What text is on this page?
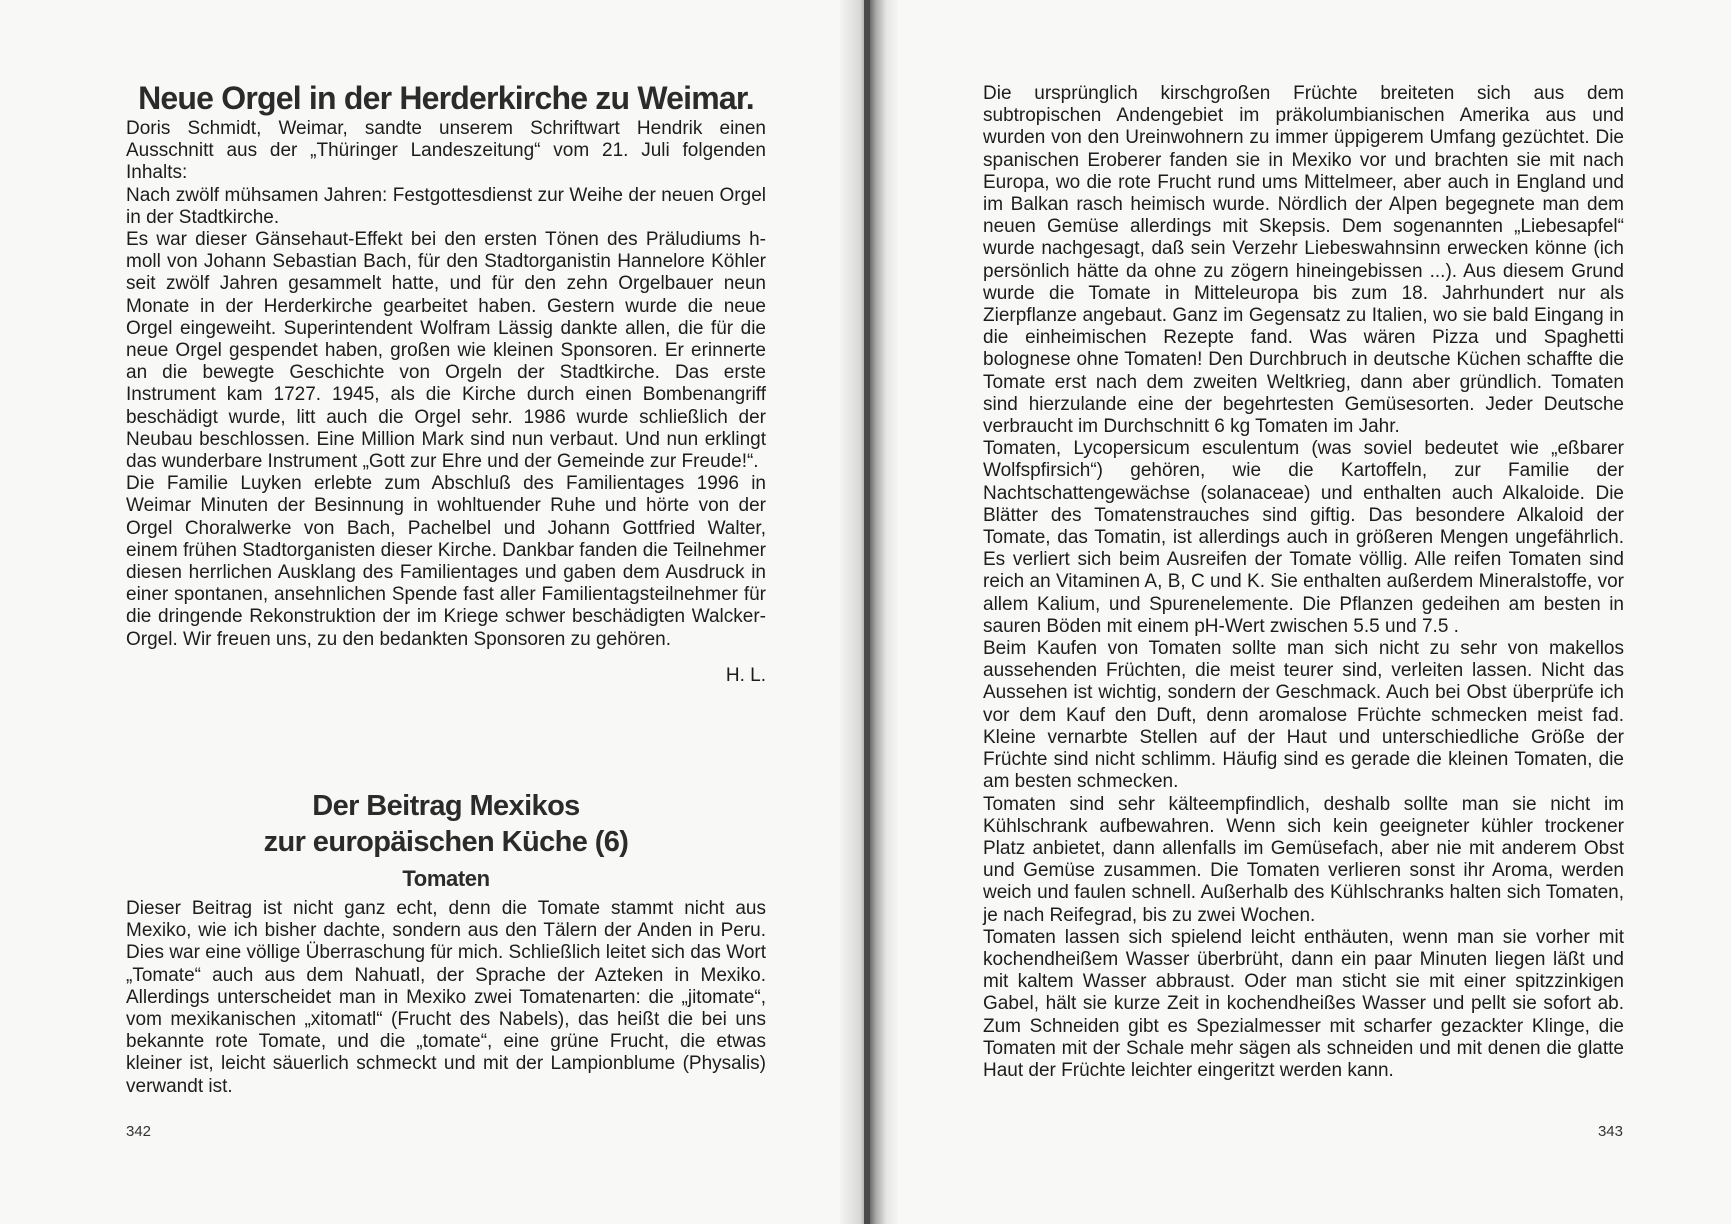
Neue Orgel in der Herderkirche zu Weimar.

Doris Schmidt, Weimar, sandte unserem Schriftwart Hendrik einen Ausschnitt aus der „Thüringer Landeszeitung“ vom 21. Juli folgenden Inhalts:

Nach zwölf mühsamen Jahren: Festgottesdienst zur Weihe der neuen Orgel in der Stadtkirche.

Es war dieser Gänsehaut-Effekt bei den ersten Tönen des Präludiums h-moll von Johann Sebastian Bach, für den Stadtorganistin Hannelore Köhler seit zwölf Jahren gesammelt hatte, und für den zehn Orgelbauer neun Monate in der Herderkirche gearbeitet haben. Gestern wurde die neue Orgel eingeweiht. Superintendent Wolfram Lässig dankte allen, die für die neue Orgel gespendet haben, großen wie kleinen Sponsoren. Er erinnerte an die bewegte Geschichte von Orgeln der Stadtkirche. Das erste Instrument kam 1727. 1945, als die Kirche durch einen Bombenangriff beschädigt wurde, litt auch die Orgel sehr. 1986 wurde schließlich der Neubau beschlossen. Eine Million Mark sind nun verbaut. Und nun erklingt das wunderbare Instrument „Gott zur Ehre und der Gemeinde zur Freude!“.

Die Familie Luyken erlebte zum Abschluß des Familientages 1996 in Weimar Minuten der Besinnung in wohltuender Ruhe und hörte von der Orgel Choralwerke von Bach, Pachelbel und Johann Gottfried Walter, einem frühen Stadtorganisten dieser Kirche. Dankbar fanden die Teilnehmer diesen herrlichen Ausklang des Familientages und gaben dem Ausdruck in einer spontanen, ansehnlichen Spende fast aller Familientagsteilnehmer für die dringende Rekonstruktion der im Kriege schwer beschädigten Walcker-Orgel. Wir freuen uns, zu den bedankten Sponsoren zu gehören.

H. L.

Der Beitrag Mexikos
zur europäischen Küche (6)
Tomaten

Dieser Beitrag ist nicht ganz echt, denn die Tomate stammt nicht aus Mexiko, wie ich bisher dachte, sondern aus den Tälern der Anden in Peru. Dies war eine völlige Überraschung für mich. Schließlich leitet sich das Wort „Tomate“ auch aus dem Nahuatl, der Sprache der Azteken in Mexiko. Allerdings unterscheidet man in Mexiko zwei Tomatenarten: die „jitomate“, vom mexikanischen „xitomatl“ (Frucht des Nabels), das heißt die bei uns bekannte rote Tomate, und die „tomate“, eine grüne Frucht, die etwas kleiner ist, leicht säuerlich schmeckt und mit der Lampionblume (Physalis) verwandt ist.

342

Die ursprünglich kirschgroßen Früchte breiteten sich aus dem subtropischen Andengebiet im präkolumbianischen Amerika aus und wurden von den Ureinwohnern zu immer üppigerem Umfang gezüchtet. Die spanischen Eroberer fanden sie in Mexiko vor und brachten sie mit nach Europa, wo die rote Frucht rund ums Mittelmeer, aber auch in England und im Balkan rasch heimisch wurde. Nördlich der Alpen begegnete man dem neuen Gemüse allerdings mit Skepsis. Dem sogenannten „Liebesapfel“ wurde nachgesagt, daß sein Verzehr Liebeswahnsinn erwecken könne (ich persönlich hätte da ohne zu zögern hineingebissen ...). Aus diesem Grund wurde die Tomate in Mitteleuropa bis zum 18. Jahrhundert nur als Zierpflanze angebaut. Ganz im Gegensatz zu Italien, wo sie bald Eingang in die einheimischen Rezepte fand. Was wären Pizza und Spaghetti bolognese ohne Tomaten! Den Durchbruch in deutsche Küchen schaffte die Tomate erst nach dem zweiten Weltkrieg, dann aber gründlich. Tomaten sind hierzulande eine der begehrtesten Gemüsesorten. Jeder Deutsche verbraucht im Durchschnitt 6 kg Tomaten im Jahr.

Tomaten, Lycopersicum esculentum (was soviel bedeutet wie „eßbarer Wolfspfirsich“) gehören, wie die Kartoffeln, zur Familie der Nachtschattengewächse (solanaceae) und enthalten auch Alkaloide. Die Blätter des Tomatenstrauches sind giftig. Das besondere Alkaloid der Tomate, das Tomatin, ist allerdings auch in größeren Mengen ungefährlich. Es verliert sich beim Ausreifen der Tomate völlig. Alle reifen Tomaten sind reich an Vitaminen A, B, C und K. Sie enthalten außerdem Mineralstoffe, vor allem Kalium, und Spurenelemente. Die Pflanzen gedeihen am besten in sauren Böden mit einem pH-Wert zwischen 5.5 und 7.5 .

Beim Kaufen von Tomaten sollte man sich nicht zu sehr von makellos aussehenden Früchten, die meist teurer sind, verleiten lassen. Nicht das Aussehen ist wichtig, sondern der Geschmack. Auch bei Obst überprüfe ich vor dem Kauf den Duft, denn aromalose Früchte schmecken meist fad. Kleine vernarbte Stellen auf der Haut und unterschiedliche Größe der Früchte sind nicht schlimm. Häufig sind es gerade die kleinen Tomaten, die am besten schmecken.

Tomaten sind sehr kälteempfindlich, deshalb sollte man sie nicht im Kühlschrank aufbewahren. Wenn sich kein geeigneter kühler trockener Platz anbietet, dann allenfalls im Gemüsefach, aber nie mit anderem Obst und Gemüse zusammen. Die Tomaten verlieren sonst ihr Aroma, werden weich und faulen schnell. Außerhalb des Kühlschranks halten sich Tomaten, je nach Reifegrad, bis zu zwei Wochen.

Tomaten lassen sich spielend leicht enthäuten, wenn man sie vorher mit kochendheißem Wasser überbrüht, dann ein paar Minuten liegen läßt und mit kaltem Wasser abbraust. Oder man sticht sie mit einer spitzzinkigen Gabel, hält sie kurze Zeit in kochendheißes Wasser und pellt sie sofort ab. Zum Schneiden gibt es Spezialmesser mit scharfer gezackter Klinge, die Tomaten mit der Schale mehr sägen als schneiden und mit denen die glatte Haut der Früchte leichter eingeritzt werden kann.

343
